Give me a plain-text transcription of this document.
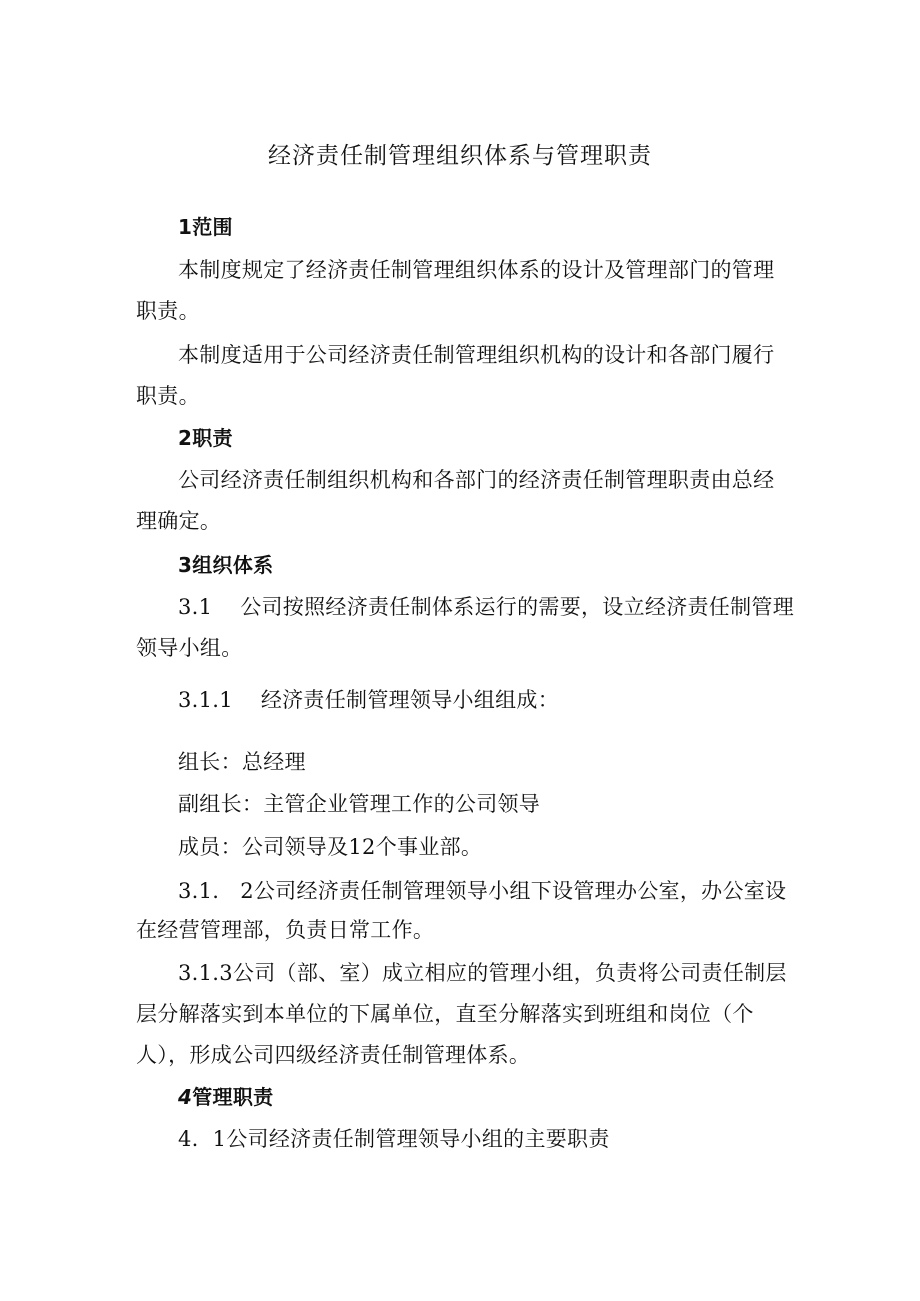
经济责任制管理组织体系与管理职责
1范围
本制度规定了经济责任制管理组织体系的设计及管理部门的管理
职责。
本制度适用于公司经济责任制管理组织机构的设计和各部门履行
职责。
2职责
公司经济责任制组织机构和各部门的经济责任制管理职责由总经
理确定。
3组织体系
3.1    公司按照经济责任制体系运行的需要，设立经济责任制管理
领导小组。
3.1.1    经济责任制管理领导小组组成：
组长：总经理
副组长：主管企业管理工作的公司领导
成员：公司领导及12个事业部。
3.1.   2公司经济责任制管理领导小组下设管理办公室，办公室设
在经营管理部，负责日常工作。
3.1.3公司（部、室）成立相应的管理小组，负责将公司责任制层
层分解落实到本单位的下属单位，直至分解落实到班组和岗位（个
人），形成公司四级经济责任制管理体系。
4管理职责
4.  1公司经济责任制管理领导小组的主要职责
